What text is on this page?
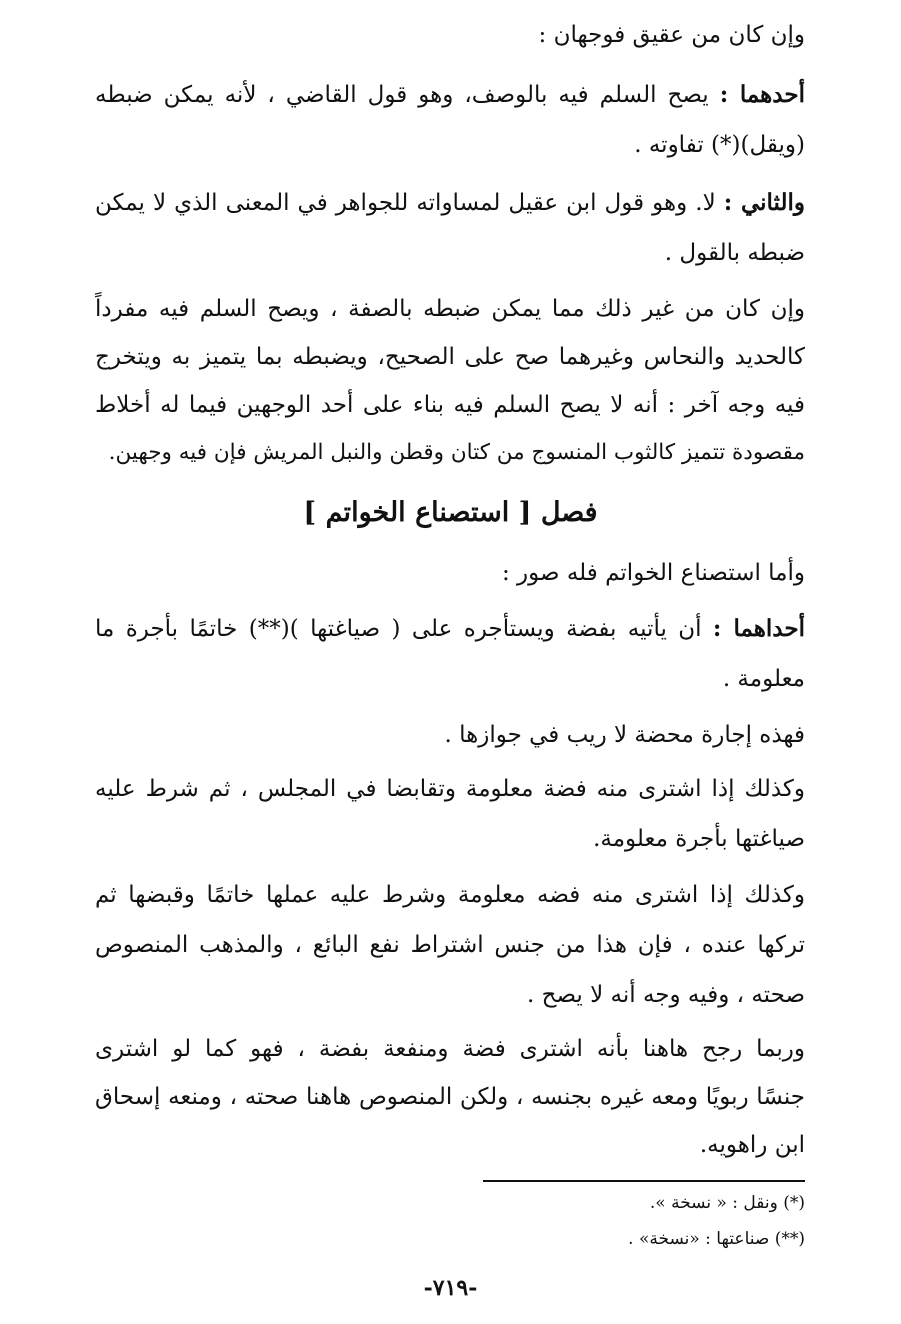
وإن كان من عقيق فوجهان :
أحدهما : يصح السلم فيه بالوصف، وهو قول القاضي ، لأنه يمكن ضبطه
(ويقل)(*) تفاوته .
والثاني : لا. وهو قول ابن عقيل لمساواته للجواهر في المعنى الذي لا يمكن
ضبطه بالقول .
وإن كان من غير ذلك مما يمكن ضبطه بالصفة ، ويصح السلم فيه مفرداً
كالحديد والنحاس وغيرهما صح على الصحيح، ويضبطه بما يتميز به ويتخرج
فيه وجه آخر : أنه لا يصح السلم فيه بناء على أحد الوجهين فيما له أخلاط
مقصودة تتميز كالثوب المنسوج من كتان وقطن والنبل المريش فإن فيه وجهين.
فصل [ استصناع الخواتم ]
وأما استصناع الخواتم فله صور :
أحداهما : أن يأتيه بفضة ويستأجره على ( صياغتها )(**) خاتمًا بأجرة ما
معلومة .
فهذه إجارة محضة لا ريب في جوازها .
وكذلك إذا اشترى منه فضة معلومة وتقابضا في المجلس ، ثم شرط عليه
صياغتها بأجرة معلومة.
وكذلك إذا اشترى منه فضه معلومة وشرط عليه عملها خاتمًا وقبضها ثم
تركها عنده ، فإن هذا من جنس اشتراط نفع البائع ، والمذهب المنصوص
صحته ، وفيه وجه أنه لا يصح .
وربما رجح هاهنا بأنه اشترى فضة ومنفعة بفضة ، فهو كما لو اشترى
جنسًا ربويًا ومعه غيره بجنسه ، ولكن المنصوص هاهنا صحته ، ومنعه إسحاق
ابن راهويه.
(*) ونقل : « نسخة ».
(**) صناعتها : «نسخة» .
-٧١٩-
